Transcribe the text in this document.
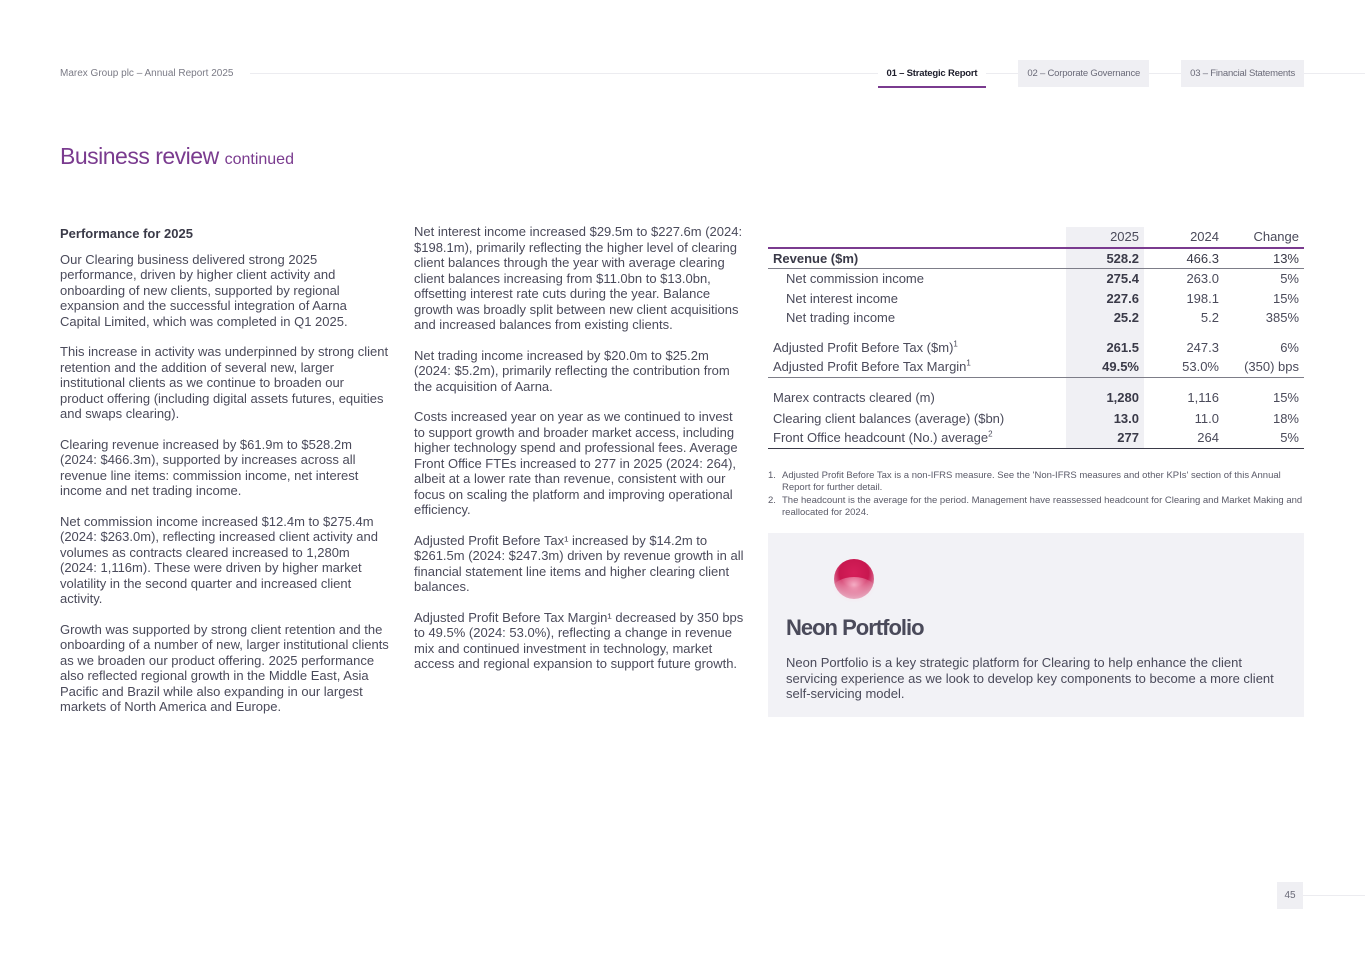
Marex Group plc – Annual Report 2025	01 – Strategic Report	02 – Corporate Governance	03 – Financial Statements
Business review continued
Performance for 2025

Our Clearing business delivered strong 2025 performance, driven by higher client activity and onboarding of new clients, supported by regional expansion and the successful integration of Aarna Capital Limited, which was completed in Q1 2025.

This increase in activity was underpinned by strong client retention and the addition of several new, larger institutional clients as we continue to broaden our product offering (including digital assets futures, equities and swaps clearing).

Clearing revenue increased by $61.9m to $528.2m (2024: $466.3m), supported by increases across all revenue line items: commission income, net interest income and net trading income.

Net commission income increased $12.4m to $275.4m (2024: $263.0m), reflecting increased client activity and volumes as contracts cleared increased to 1,280m (2024: 1,116m). These were driven by higher market volatility in the second quarter and increased client activity.

Growth was supported by strong client retention and the onboarding of a number of new, larger institutional clients as we broaden our product offering. 2025 performance also reflected regional growth in the Middle East, Asia Pacific and Brazil while also expanding in our largest markets of North America and Europe.

Net interest income increased $29.5m to $227.6m (2024: $198.1m), primarily reflecting the higher level of clearing client balances through the year with average clearing client balances increasing from $11.0bn to $13.0bn, offsetting interest rate cuts during the year. Balance growth was broadly split between new client acquisitions and increased balances from existing clients.

Net trading income increased by $20.0m to $25.2m (2024: $5.2m), primarily reflecting the contribution from the acquisition of Aarna.

Costs increased year on year as we continued to invest to support growth and broader market access, including higher technology spend and professional fees. Average Front Office FTEs increased to 277 in 2025 (2024: 264), albeit at a lower rate than revenue, consistent with our focus on scaling the platform and improving operational efficiency.

Adjusted Profit Before Tax¹ increased by $14.2m to $261.5m (2024: $247.3m) driven by revenue growth in all financial statement line items and higher clearing client balances.

Adjusted Profit Before Tax Margin¹ decreased by 350 bps to 49.5% (2024: 53.0%), reflecting a change in revenue mix and continued investment in technology, market access and regional expansion to support future growth.

	2025	2024	Change
Revenue ($m)	528.2	466.3	13%
Net commission income	275.4	263.0	5%
Net interest income	227.6	198.1	15%
Net trading income	25.2	5.2	385%

Adjusted Profit Before Tax ($m)$^1$	261.5	247.3	6%
Adjusted Profit Before Tax Margin$^1$	49.5%	53.0%	(350) bps

Marex contracts cleared (m)	1,280	1,116	15%
Clearing client balances (average) ($bn)	13.0	11.0	18%
Front Office headcount (No.) average$^2$	277	264	5%
1. Adjusted Profit Before Tax is a non-IFRS measure. See the 'Non-IFRS measures and other KPIs' section of this Annual Report for further detail.
2. The headcount is the average for the period. Management have reassessed headcount for Clearing and Market Making and reallocated for 2024.
Neon Portfolio
Neon Portfolio is a key strategic platform for Clearing to help enhance the client servicing experience as we look to develop key components to become a more client self-servicing model.
45
